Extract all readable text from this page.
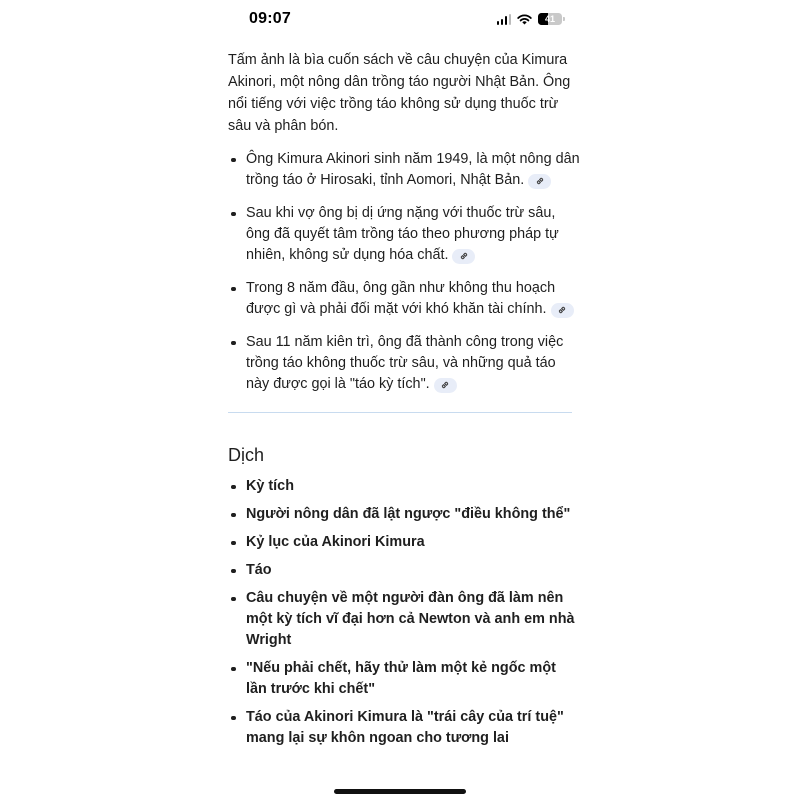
09:07	41

Tấm ảnh là bìa cuốn sách về câu chuyện của Kimura Akinori, một nông dân trồng táo người Nhật Bản. Ông nổi tiếng với việc trồng táo không sử dụng thuốc trừ sâu và phân bón.

Ông Kimura Akinori sinh năm 1949, là một nông dân trồng táo ở Hirosaki, tỉnh Aomori, Nhật Bản.
Sau khi vợ ông bị dị ứng nặng với thuốc trừ sâu, ông đã quyết tâm trồng táo theo phương pháp tự nhiên, không sử dụng hóa chất.
Trong 8 năm đầu, ông gần như không thu hoạch được gì và phải đối mặt với khó khăn tài chính.
Sau 11 năm kiên trì, ông đã thành công trong việc trồng táo không thuốc trừ sâu, và những quả táo này được gọi là "táo kỳ tích".
Dịch
Kỳ tích
Người nông dân đã lật ngược "điều không thể"
Kỷ lục của Akinori Kimura
Táo
Câu chuyện về một người đàn ông đã làm nên một kỳ tích vĩ đại hơn cả Newton và anh em nhà Wright
"Nếu phải chết, hãy thử làm một kẻ ngốc một lần trước khi chết"
Táo của Akinori Kimura là "trái cây của trí tuệ" mang lại sự khôn ngoan cho tương lai
